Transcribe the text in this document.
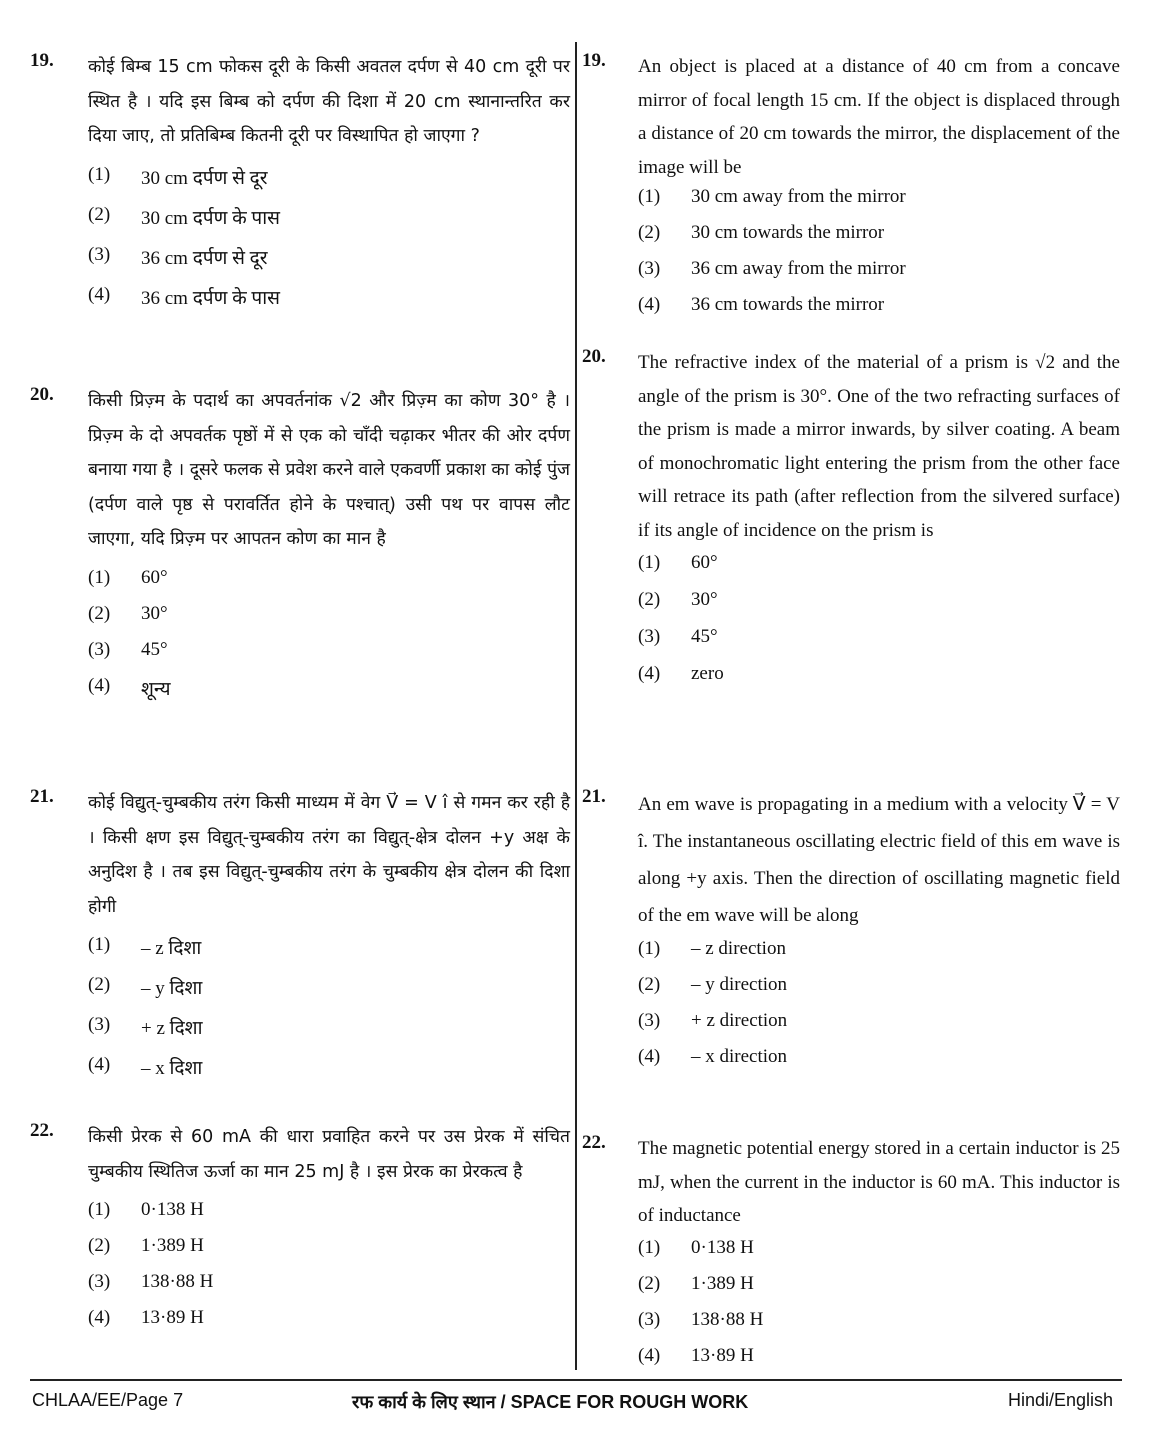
19. कोई बिम्ब 15 cm फोकस दूरी के किसी अवतल दर्पण से 40 cm दूरी पर स्थित है । यदि इस बिम्ब को दर्पण की दिशा में 20 cm स्थानान्तरित कर दिया जाए, तो प्रतिबिम्ब कितनी दूरी पर विस्थापित हो जाएगा ?
(1)	30 cm दर्पण से दूर
(2)	30 cm दर्पण के पास
(3)	36 cm दर्पण से दूर
(4)	36 cm दर्पण के पास
20. किसी प्रिज़्म के पदार्थ का अपवर्तनांक √2 और प्रिज़्म का कोण 30° है । प्रिज़्म के दो अपवर्तक पृष्ठों में से एक को चाँदी चढ़ाकर भीतर की ओर दर्पण बनाया गया है । दूसरे फलक से प्रवेश करने वाले एकवर्णी प्रकाश का कोई पुंज (दर्पण वाले पृष्ठ से परावर्तित होने के पश्चात्) उसी पथ पर वापस लौट जाएगा, यदि प्रिज़्म पर आपतन कोण का मान है
(1)	60°
(2)	30°
(3)	45°
(4)	शून्य
21. कोई विद्युत्-चुम्बकीय तरंग किसी माध्यम में वेग V⃗ = V î से गमन कर रही है । किसी क्षण इस विद्युत्-चुम्बकीय तरंग का विद्युत्-क्षेत्र दोलन +y अक्ष के अनुदिश है । तब इस विद्युत्-चुम्बकीय तरंग के चुम्बकीय क्षेत्र दोलन की दिशा होगी
(1)	– z दिशा
(2)	– y दिशा
(3)	+ z दिशा
(4)	– x दिशा
22. किसी प्रेरक से 60 mA की धारा प्रवाहित करने पर उस प्रेरक में संचित चुम्बकीय स्थितिज ऊर्जा का मान 25 mJ है । इस प्रेरक का प्रेरकत्व है
(1)	0·138 H
(2)	1·389 H
(3)	138·88 H
(4)	13·89 H
19. An object is placed at a distance of 40 cm from a concave mirror of focal length 15 cm. If the object is displaced through a distance of 20 cm towards the mirror, the displacement of the image will be
(1)	30 cm away from the mirror
(2)	30 cm towards the mirror
(3)	36 cm away from the mirror
(4)	36 cm towards the mirror
20. The refractive index of the material of a prism is √2 and the angle of the prism is 30°. One of the two refracting surfaces of the prism is made a mirror inwards, by silver coating. A beam of monochromatic light entering the prism from the other face will retrace its path (after reflection from the silvered surface) if its angle of incidence on the prism is
(1)	60°
(2)	30°
(3)	45°
(4)	zero
21. An em wave is propagating in a medium with a velocity V⃗ = V î. The instantaneous oscillating electric field of this em wave is along +y axis. Then the direction of oscillating magnetic field of the em wave will be along
(1)	– z direction
(2)	– y direction
(3)	+ z direction
(4)	– x direction
22. The magnetic potential energy stored in a certain inductor is 25 mJ, when the current in the inductor is 60 mA. This inductor is of inductance
(1)	0·138 H
(2)	1·389 H
(3)	138·88 H
(4)	13·89 H
CHLAA/EE/Page 7	रफ कार्य के लिए स्थान / SPACE FOR ROUGH WORK	Hindi/English
